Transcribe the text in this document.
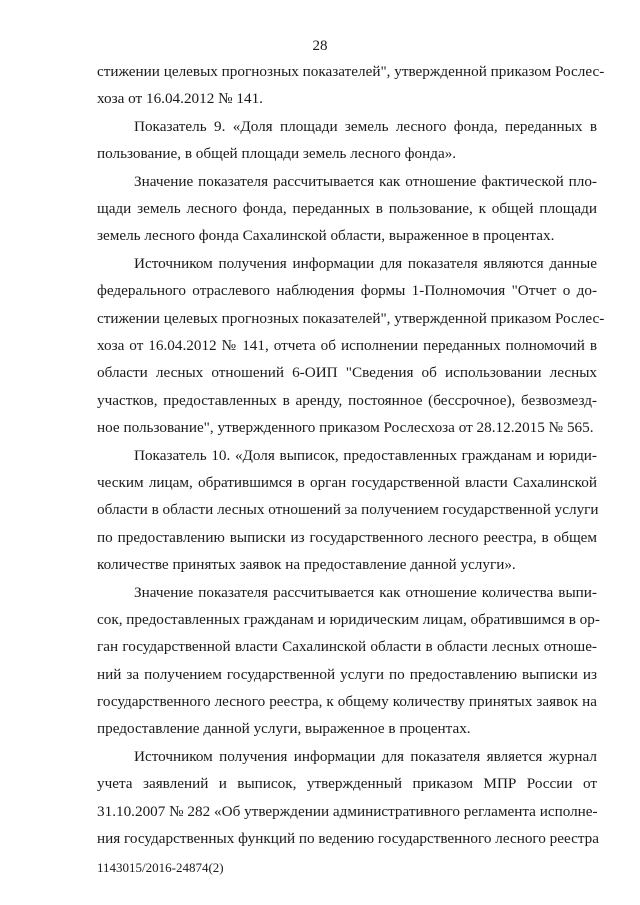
28
стижении целевых прогнозных показателей", утвержденной приказом Рослес-
хоза от 16.04.2012 № 141.
Показатель 9. «Доля площади земель лесного фонда, переданных в
пользование, в общей площади земель лесного фонда».
Значение показателя рассчитывается как отношение фактической пло-
щади земель лесного фонда, переданных в пользование, к общей площади
земель лесного фонда Сахалинской области, выраженное в процентах.
Источником получения информации для показателя являются данные
федерального отраслевого наблюдения формы 1-Полномочия "Отчет о до-
стижении целевых прогнозных показателей", утвержденной приказом Рослес-
хоза от 16.04.2012 № 141, отчета об исполнении переданных полномочий в
области лесных отношений 6-ОИП "Сведения об использовании лесных
участков, предоставленных в аренду, постоянное (бессрочное), безвозмезд-
ное пользование", утвержденного приказом Рослесхоза от 28.12.2015 № 565.
Показатель 10. «Доля выписок, предоставленных гражданам и юриди-
ческим лицам, обратившимся в орган государственной власти Сахалинской
области в области лесных отношений за получением государственной услуги
по предоставлению выписки из государственного лесного реестра, в общем
количестве принятых заявок на предоставление данной услуги».
Значение показателя рассчитывается как отношение количества выпи-
сок, предоставленных гражданам и юридическим лицам, обратившимся в ор-
ган государственной власти Сахалинской области в области лесных отноше-
ний за получением государственной услуги по предоставлению выписки из
государственного лесного реестра, к общему количеству принятых заявок на
предоставление данной услуги, выраженное в процентах.
Источником получения информации для показателя является журнал
учета заявлений и выписок, утвержденный приказом МПР России от
31.10.2007 № 282 «Об утверждении административного регламента исполне-
ния государственных функций по ведению государственного лесного реестра
1143015/2016-24874(2)
